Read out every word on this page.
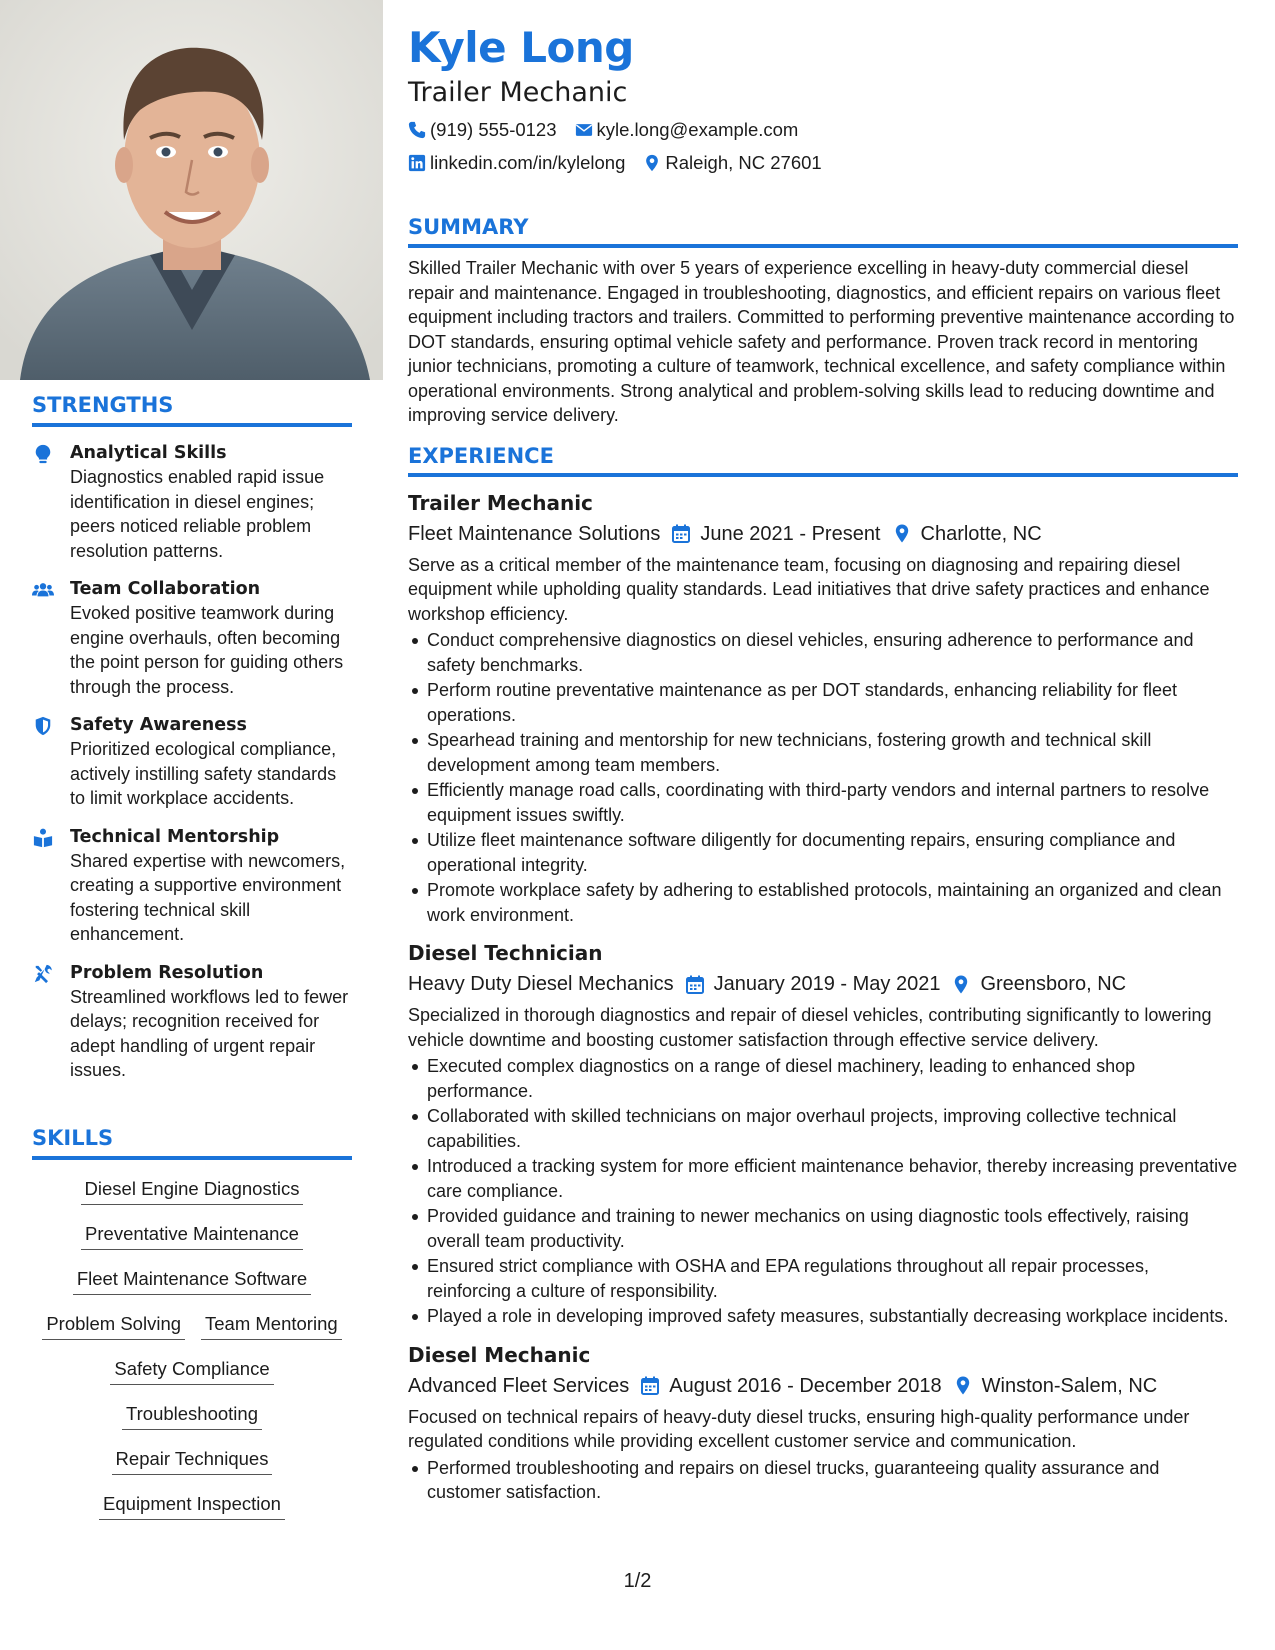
STRENGTHS
Analytical Skills
Diagnostics enabled rapid issue identification in diesel engines; peers noticed reliable problem resolution patterns.
Team Collaboration
Evoked positive teamwork during engine overhauls, often becoming the point person for guiding others through the process.
Safety Awareness
Prioritized ecological compliance, actively instilling safety standards to limit workplace accidents.
Technical Mentorship
Shared expertise with newcomers, creating a supportive environment fostering technical skill enhancement.
Problem Resolution
Streamlined workflows led to fewer delays; recognition received for adept handling of urgent repair issues.
SKILLS
Diesel Engine Diagnostics
Preventative Maintenance
Fleet Maintenance Software
Problem Solving Team Mentoring
Safety Compliance
Troubleshooting
Repair Techniques
Equipment Inspection
Kyle Long
Trailer Mechanic
(919) 555-0123 kyle.long@example.com
linkedin.com/in/kylelong Raleigh, NC 27601
SUMMARY
Skilled Trailer Mechanic with over 5 years of experience excelling in heavy-duty commercial diesel repair and maintenance. Engaged in troubleshooting, diagnostics, and efficient repairs on various fleet equipment including tractors and trailers. Committed to performing preventive maintenance according to DOT standards, ensuring optimal vehicle safety and performance. Proven track record in mentoring junior technicians, promoting a culture of teamwork, technical excellence, and safety compliance within operational environments. Strong analytical and problem-solving skills lead to reducing downtime and improving service delivery.
EXPERIENCE
Trailer Mechanic
Fleet Maintenance Solutions June 2021 - Present Charlotte, NC
Serve as a critical member of the maintenance team, focusing on diagnosing and repairing diesel equipment while upholding quality standards. Lead initiatives that drive safety practices and enhance workshop efficiency.
Conduct comprehensive diagnostics on diesel vehicles, ensuring adherence to performance and safety benchmarks.
Perform routine preventative maintenance as per DOT standards, enhancing reliability for fleet operations.
Spearhead training and mentorship for new technicians, fostering growth and technical skill development among team members.
Efficiently manage road calls, coordinating with third-party vendors and internal partners to resolve equipment issues swiftly.
Utilize fleet maintenance software diligently for documenting repairs, ensuring compliance and operational integrity.
Promote workplace safety by adhering to established protocols, maintaining an organized and clean work environment.
Diesel Technician
Heavy Duty Diesel Mechanics January 2019 - May 2021 Greensboro, NC
Specialized in thorough diagnostics and repair of diesel vehicles, contributing significantly to lowering vehicle downtime and boosting customer satisfaction through effective service delivery.
Executed complex diagnostics on a range of diesel machinery, leading to enhanced shop performance.
Collaborated with skilled technicians on major overhaul projects, improving collective technical capabilities.
Introduced a tracking system for more efficient maintenance behavior, thereby increasing preventative care compliance.
Provided guidance and training to newer mechanics on using diagnostic tools effectively, raising overall team productivity.
Ensured strict compliance with OSHA and EPA regulations throughout all repair processes, reinforcing a culture of responsibility.
Played a role in developing improved safety measures, substantially decreasing workplace incidents.
Diesel Mechanic
Advanced Fleet Services August 2016 - December 2018 Winston-Salem, NC
Focused on technical repairs of heavy-duty diesel trucks, ensuring high-quality performance under regulated conditions while providing excellent customer service and communication.
Performed troubleshooting and repairs on diesel trucks, guaranteeing quality assurance and customer satisfaction.
1/2
